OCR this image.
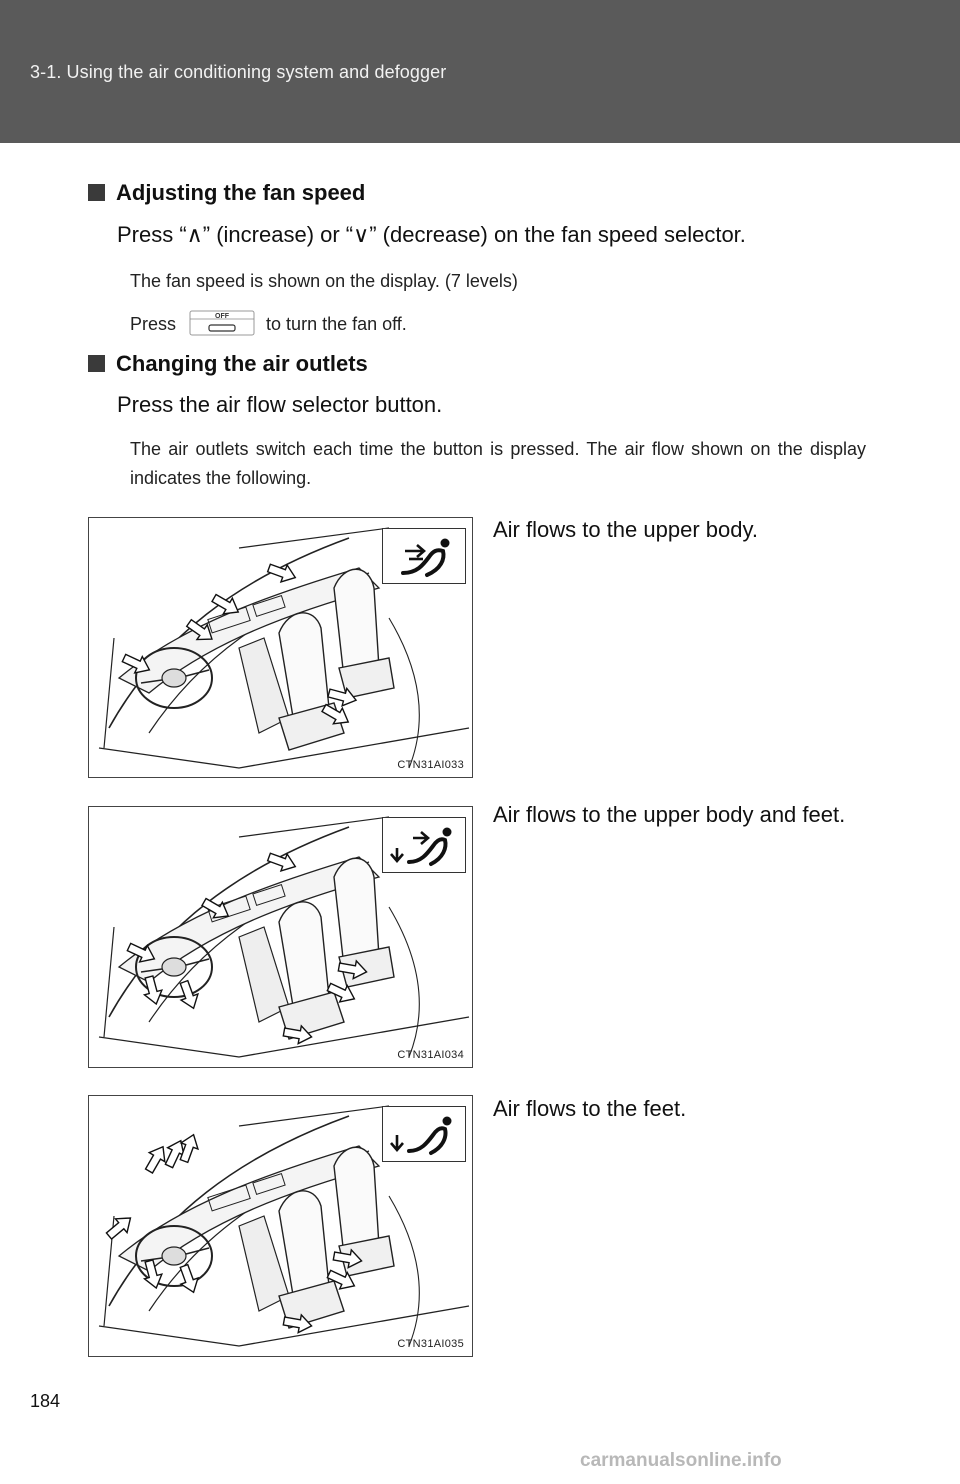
3-1. Using the air conditioning system and defogger
Adjusting the fan speed
Press “∧” (increase) or “∨” (decrease) on the fan speed selector.
The fan speed is shown on the display. (7 levels)
Press	OFF to turn the fan off.
Changing the air outlets
Press the air flow selector button.
The air outlets switch each time the button is pressed. The air flow shown on the display indicates the following.
CTN31AI033
Air flows to the upper body.
CTN31AI034
Air flows to the upper body and feet.
CTN31AI035
Air flows to the feet.
184
carmanualsonline.info
